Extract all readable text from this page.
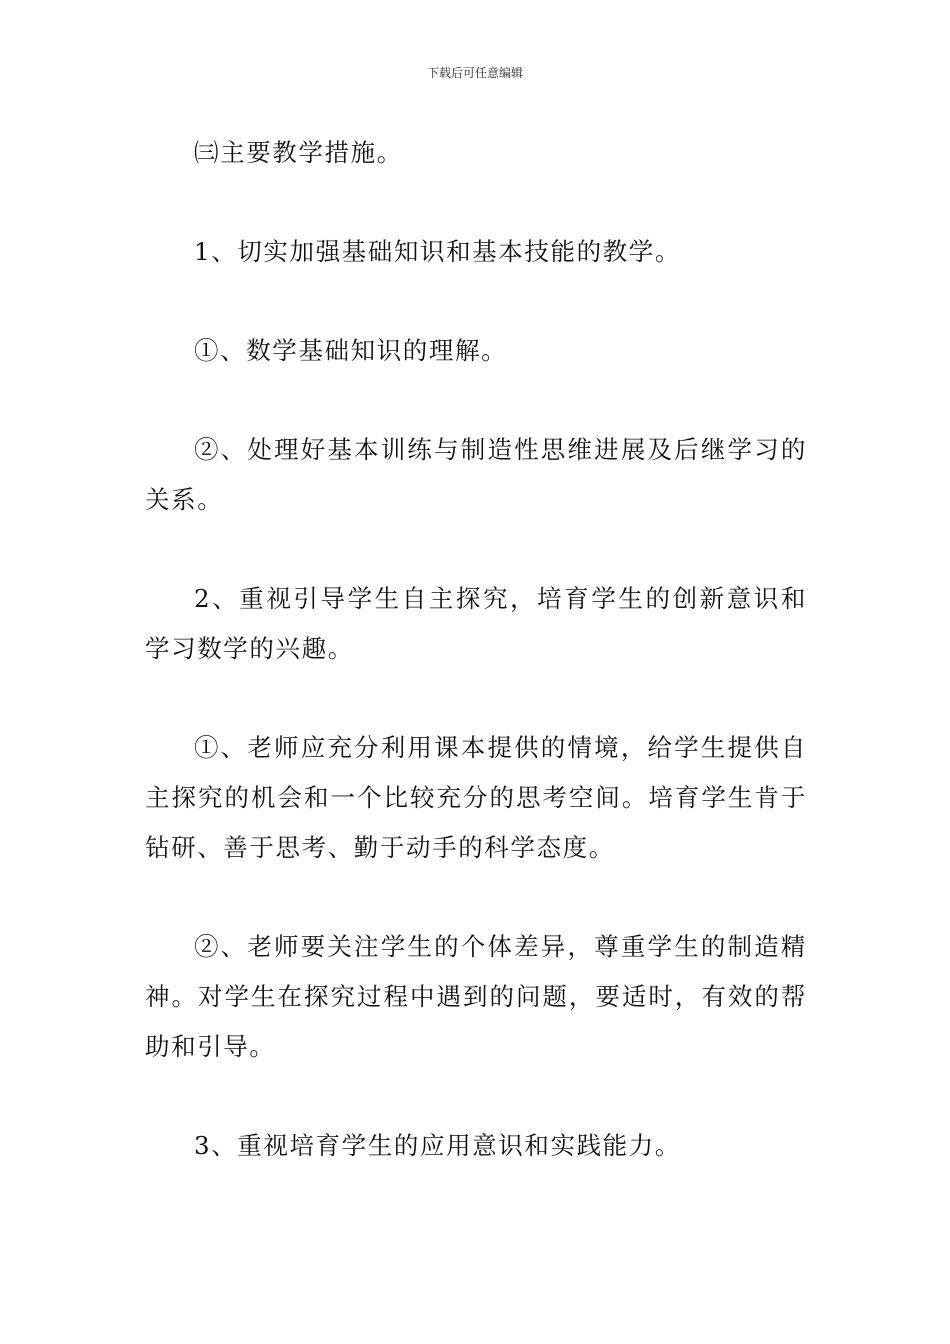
下载后可任意编辑

㈢主要教学措施。

1、切实加强基础知识和基本技能的教学。

①、数学基础知识的理解。

②、处理好基本训练与制造性思维进展及后继学习的关系。

2、重视引导学生自主探究，培育学生的创新意识和学习数学的兴趣。

①、老师应充分利用课本提供的情境，给学生提供自主探究的机会和一个比较充分的思考空间。培育学生肯于钻研、善于思考、勤于动手的科学态度。

②、老师要关注学生的个体差异，尊重学生的制造精神。对学生在探究过程中遇到的问题，要适时，有效的帮助和引导。

3、重视培育学生的应用意识和实践能力。
